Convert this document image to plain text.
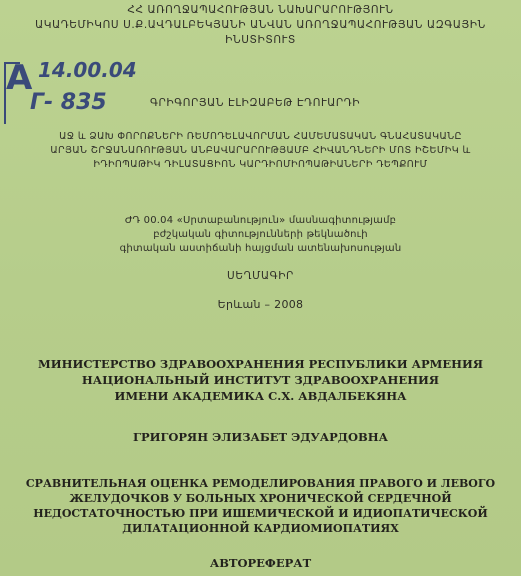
ՀՀ ԱՌՈՂՋԱՊԱՀՈՒԹՅԱՆ ՆԱԽԱՐԱՐՈՒԹՅՈՒՆ
ԱԿԱԴԵՄԻԿՈՍ Ս.Ք.ԱՎԴԱԼԲԵԿՅԱՆԻ ԱՆՎԱՆ ԱՌՈՂՋԱՊԱՀՈՒԹՅԱՆ ԱԶԳԱՅԻՆ
ԻՆՍՏԻՏՈՒՏ
А 14.00.04
Г- 835	ԳՐԻԳՈՐՅԱՆ ԷԼԻԶԱԲԵԹ ԷԴՈՒԱՐԴԻ
ԱՋ և ՁԱԽ ՓՈՐՈՔՆԵՐԻ ՌԵՄՈԴԵԼԱՎՈՐՄԱՆ ՀԱՄԵՄԱՏԱԿԱՆ ԳՆԱՀԱՏԱԿԱՆԸ
ԱՐՅԱՆ ՇՐՋԱՆԱՌՈՒԹՅԱՆ ԱՆԲԱՎԱՐԱՐՈՒԹՅԱՄԲ ՀԻՎԱՆԴՆԵՐԻ ՄՈՏ ԻՇԵՄԻԿ և
ԻԴԻՈՊԱԹԻԿ ԴԻԼԱՏԱՑԻՈՆ ԿԱՐԴԻՈՄԻՈՊԱԹԻԱՆԵՐԻ ԴԵՊՔՈՒՄ
ԺԴ 00.04 «Սրտաբանություն» մասնագիտությամբ
բժշկական գիտությունների թեկնածուի
գիտական աստիճանի հայցման ատենախոսության
ՍԵՂՄԱԳԻՐ
Երևան – 2008
МИНИСТЕРСТВО ЗДРАВООХРАНЕНИЯ РЕСПУБЛИКИ АРМЕНИЯ
НАЦИОНАЛЬНЫЙ ИНСТИТУТ ЗДРАВООХРАНЕНИЯ
ИМЕНИ АКАДЕМИКА С.Х. АВДАЛБЕКЯНА
ГРИГОРЯН ЭЛИЗАБЕТ ЭДУАРДОВНА
СРАВНИТЕЛЬНАЯ ОЦЕНКА РЕМОДЕЛИРОВАНИЯ ПРАВОГО И ЛЕВОГО
ЖЕЛУДОЧКОВ У БОЛЬНЫХ ХРОНИЧЕСКОЙ СЕРДЕЧНОЙ
НЕДОСТАТОЧНОСТЬЮ ПРИ ИШЕМИЧЕСКОЙ И ИДИОПАТИЧЕСКОЙ
ДИЛАТАЦИОННОЙ КАРДИОМИОПАТИЯХ
АВТОРЕФЕРАТ
